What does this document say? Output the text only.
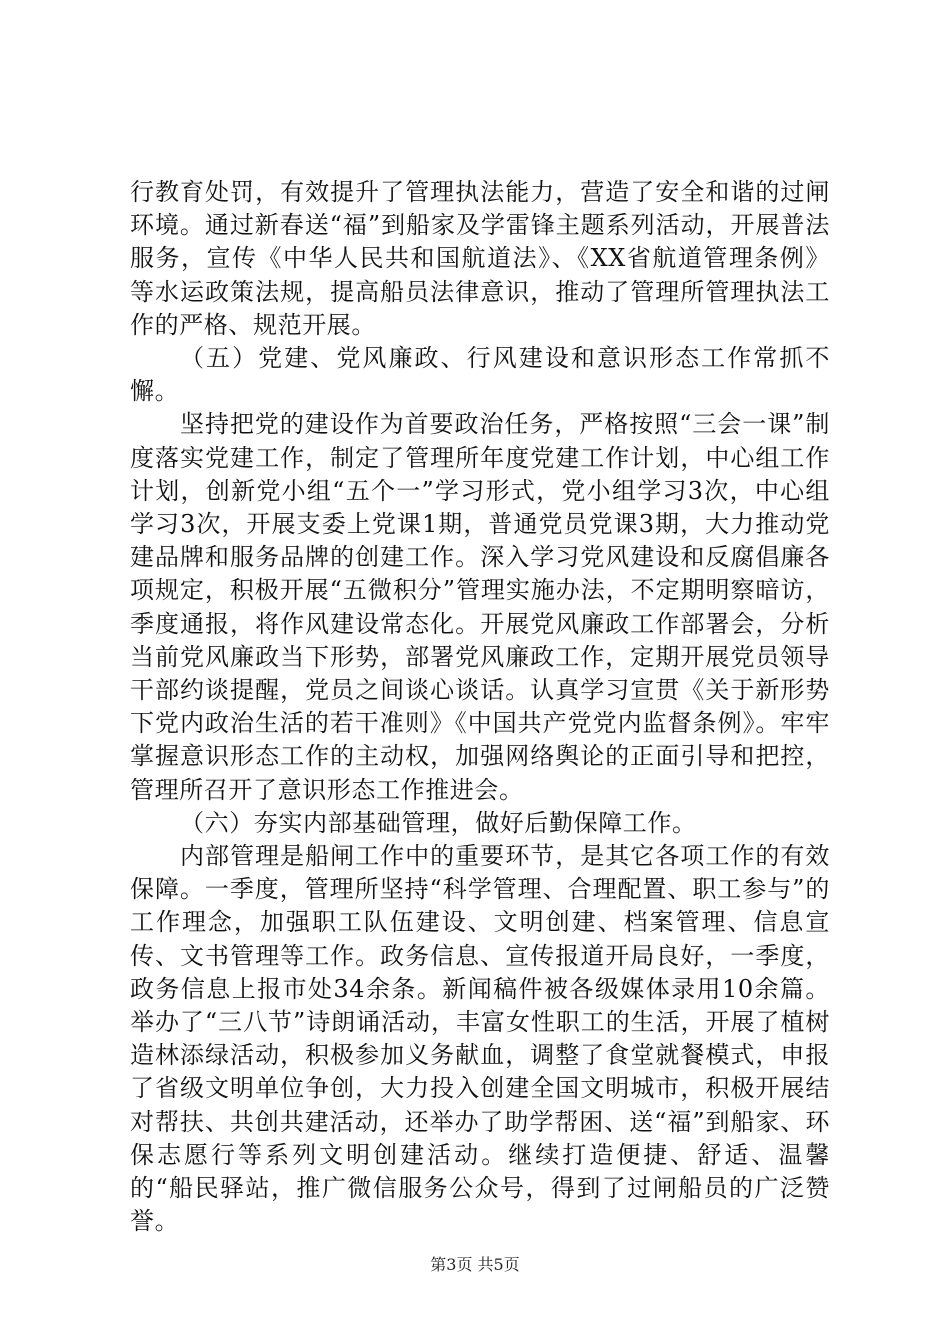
行教育处罚，有效提升了管理执法能力，营造了安全和谐的过闸环境。通过新春送“福”到船家及学雷锋主题系列活动，开展普法服务，宣传《中华人民共和国航道法》、《XX省航道管理条例》等水运政策法规，提高船员法律意识，推动了管理所管理执法工作的严格、规范开展。

（五）党建、党风廉政、行风建设和意识形态工作常抓不懈。

坚持把党的建设作为首要政治任务，严格按照“三会一课”制度落实党建工作，制定了管理所年度党建工作计划，中心组工作计划，创新党小组“五个一”学习形式，党小组学习3次，中心组学习3次，开展支委上党课1期，普通党员党课3期，大力推动党建品牌和服务品牌的创建工作。深入学习党风建设和反腐倡廉各项规定，积极开展“五微积分”管理实施办法，不定期明察暗访，季度通报，将作风建设常态化。开展党风廉政工作部署会，分析当前党风廉政当下形势，部署党风廉政工作，定期开展党员领导干部约谈提醒，党员之间谈心谈话。认真学习宣贯《关于新形势下党内政治生活的若干准则》《中国共产党党内监督条例》。牢牢掌握意识形态工作的主动权，加强网络舆论的正面引导和把控，管理所召开了意识形态工作推进会。

（六）夯实内部基础管理，做好后勤保障工作。

内部管理是船闸工作中的重要环节，是其它各项工作的有效保障。一季度，管理所坚持“科学管理、合理配置、职工参与”的工作理念，加强职工队伍建设、文明创建、档案管理、信息宣传、文书管理等工作。政务信息、宣传报道开局良好，一季度，政务信息上报市处34余条。新闻稿件被各级媒体录用10余篇。举办了“三八节”诗朗诵活动，丰富女性职工的生活，开展了植树造林添绿活动，积极参加义务献血，调整了食堂就餐模式，申报了省级文明单位争创，大力投入创建全国文明城市，积极开展结对帮扶、共创共建活动，还举办了助学帮困、送“福”到船家、环保志愿行等系列文明创建活动。继续打造便捷、舒适、温馨的“船民驿站，推广微信服务公众号，得到了过闸船员的广泛赞誉。

第3页 共5页
